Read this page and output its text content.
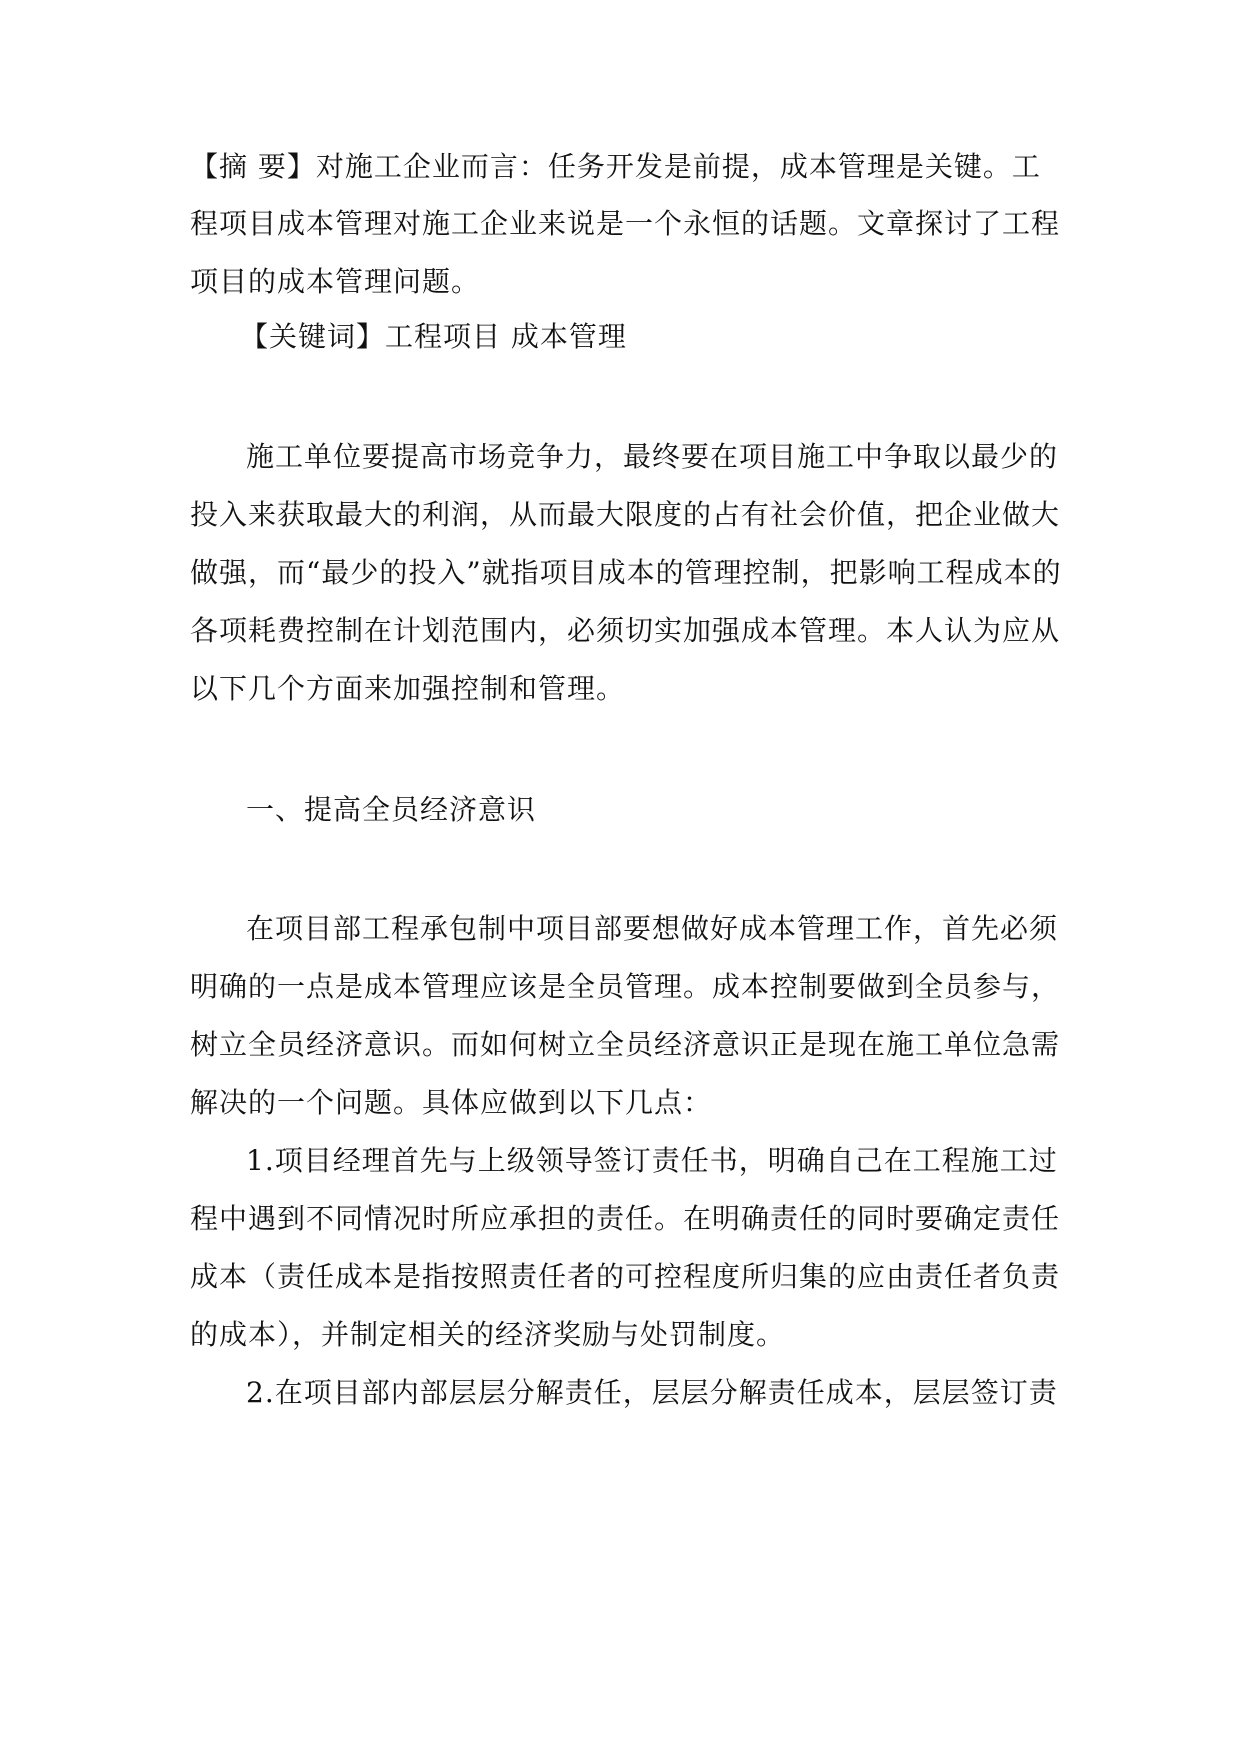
【摘 要】对施工企业而言：任务开发是前提，成本管理是关键。工
程项目成本管理对施工企业来说是一个永恒的话题。文章探讨了工程
项目的成本管理问题。
【关键词】工程项目 成本管理
施工单位要提高市场竞争力，最终要在项目施工中争取以最少的
投入来获取最大的利润，从而最大限度的占有社会价值，把企业做大
做强，而“最少的投入”就指项目成本的管理控制，把影响工程成本的
各项耗费控制在计划范围内，必须切实加强成本管理。本人认为应从
以下几个方面来加强控制和管理。
一、提高全员经济意识
在项目部工程承包制中项目部要想做好成本管理工作，首先必须
明确的一点是成本管理应该是全员管理。成本控制要做到全员参与，
树立全员经济意识。而如何树立全员经济意识正是现在施工单位急需
解决的一个问题。具体应做到以下几点：
1.项目经理首先与上级领导签订责任书，明确自己在工程施工过
程中遇到不同情况时所应承担的责任。在明确责任的同时要确定责任
成本（责任成本是指按照责任者的可控程度所归集的应由责任者负责
的成本），并制定相关的经济奖励与处罚制度。
2.在项目部内部层层分解责任，层层分解责任成本，层层签订责
